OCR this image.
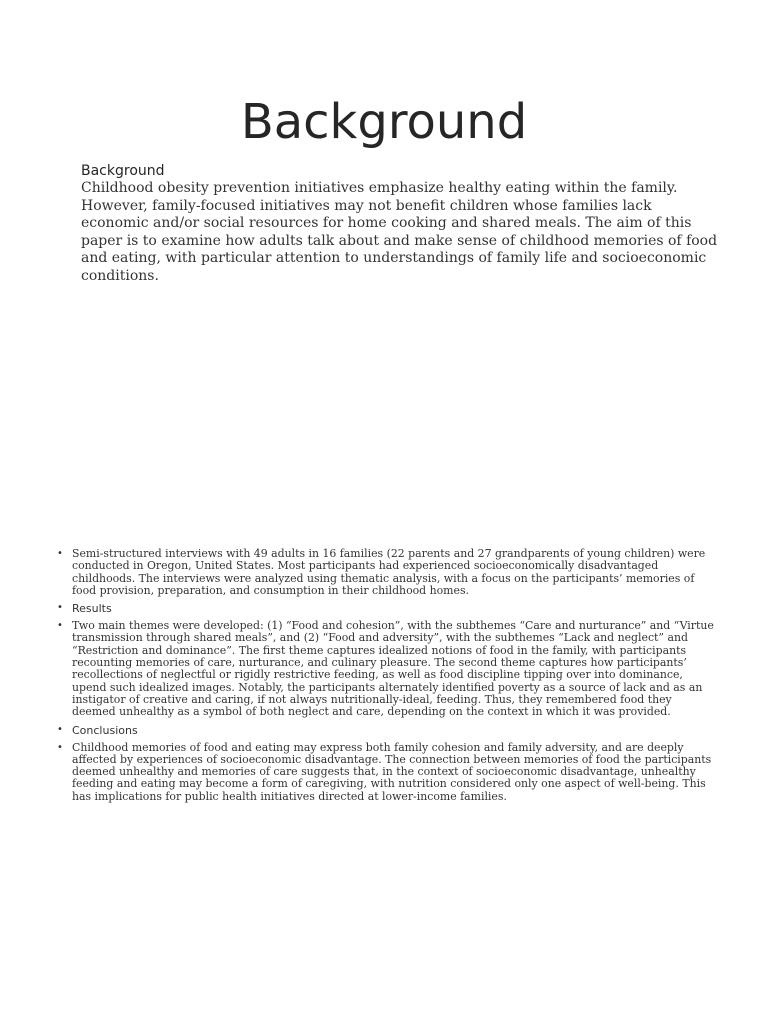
Background
Background

Childhood obesity prevention initiatives emphasize healthy eating within the family. However, family-focused initiatives may not benefit children whose families lack economic and/or social resources for home cooking and shared meals. The aim of this paper is to examine how adults talk about and make sense of childhood memories of food and eating, with particular attention to understandings of family life and socioeconomic conditions.

• Semi-structured interviews with 49 adults in 16 families (22 parents and 27 grandparents of young children) were conducted in Oregon, United States. Most participants had experienced socioeconomically disadvantaged childhoods. The interviews were analyzed using thematic analysis, with a focus on the participants’ memories of food provision, preparation, and consumption in their childhood homes.
• Results
• Two main themes were developed: (1) “Food and cohesion”, with the subthemes “Care and nurturance” and “Virtue transmission through shared meals”, and (2) “Food and adversity”, with the subthemes “Lack and neglect” and “Restriction and dominance”. The first theme captures idealized notions of food in the family, with participants recounting memories of care, nurturance, and culinary pleasure. The second theme captures how participants’ recollections of neglectful or rigidly restrictive feeding, as well as food discipline tipping over into dominance, upend such idealized images. Notably, the participants alternately identified poverty as a source of lack and as an instigator of creative and caring, if not always nutritionally-ideal, feeding. Thus, they remembered food they deemed unhealthy as a symbol of both neglect and care, depending on the context in which it was provided.
• Conclusions
• Childhood memories of food and eating may express both family cohesion and family adversity, and are deeply affected by experiences of socioeconomic disadvantage. The connection between memories of food the participants deemed unhealthy and memories of care suggests that, in the context of socioeconomic disadvantage, unhealthy feeding and eating may become a form of caregiving, with nutrition considered only one aspect of well-being. This has implications for public health initiatives directed at lower-income families.
